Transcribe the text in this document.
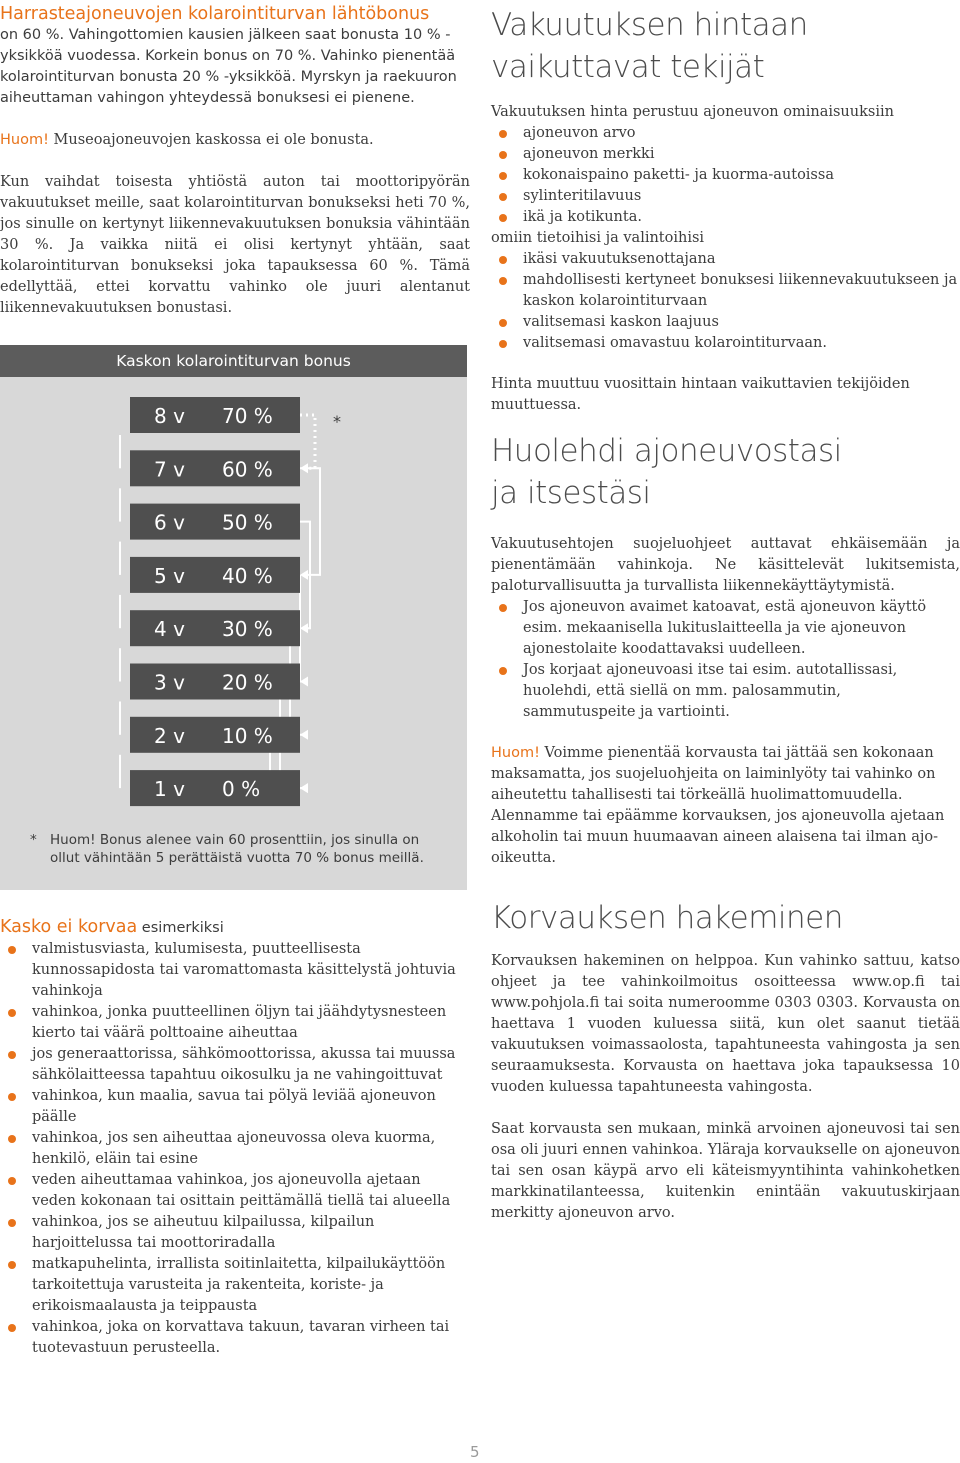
Harrasteajoneuvojen kolarointiturvan lähtöbonus

on 60 %. Vahingottomien kausien jälkeen saat bonusta 10 % -yksikköä vuodessa. Korkein bonus on 70 %. Vahinko pienentää kolarointiturvan bonusta 20 % -yksikköä. Myrskyn ja raekuuron aiheuttaman vahingon yhteydessä bonuksesi ei pienene.

Huom! Museoajoneuvojen kaskossa ei ole bonusta.

Kun vaihdat toisesta yhtiöstä auton tai moottoripyörän vakuutukset meille, saat kolarointiturvan bonukseksi heti 70 %, jos sinulle on kertynyt liikennevakuutuksen bonuksia vähintään 30 %. Ja vaikka niitä ei olisi kertynyt yhtään, saat kolarointiturvan bonukseksi joka tapauksessa 60 %. Tämä edellyttää, ettei korvattu vahinko ole juuri alentanut liikennevakuutuksen bonustasi.

Kaskon kolarointiturvan bonus
8 v 70 %
7 v 60 %
6 v 50 %
5 v 40 %
4 v 30 %
3 v 20 %
2 v 10 %
1 v 0 %
*
* Huom! Bonus alenee vain 60 prosenttiin, jos sinulla on ollut vähintään 5 perättäistä vuotta 70 % bonus meillä.
Kasko ei korvaa esimerkiksi
valmistusviasta, kulumisesta, puutteellisesta kunnossapidosta tai varomattomasta käsittelystä johtuvia vahinkoja
vahinkoa, jonka puutteellinen öljyn tai jäähdytysnesteen kierto tai väärä polttoaine aiheuttaa
jos generaattorissa, sähkömoottorissa, akussa tai muussa sähkölaitteessa tapahtuu oikosulku ja ne vahingoittuvat
vahinkoa, kun maalia, savua tai pölyä leviää ajoneuvon päälle
vahinkoa, jos sen aiheuttaa ajoneuvossa oleva kuorma, henkilö, eläin tai esine
veden aiheuttamaa vahinkoa, jos ajoneuvolla ajetaan veden kokonaan tai osittain peittämällä tiellä tai alueella
vahinkoa, jos se aiheutuu kilpailussa, kilpailun harjoittelussa tai moottoriradalla
matkapuhelinta, irrallista soitinlaitetta, kilpailukäyttöön tarkoitettuja varusteita ja rakenteita, koriste- ja erikoismaalausta ja teippausta
vahinkoa, joka on korvattava takuun, tavaran virheen tai tuotevastuun perusteella.
Vakuutuksen hintaan
vaikuttavat tekijät

Vakuutuksen hinta perustuu ajoneuvon ominaisuuksiin

ajoneuvon arvo
ajoneuvon merkki
kokonaispaino paketti- ja kuorma-autoissa
sylinteritilavuus
ikä ja kotikunta.

omiin tietoihisi ja valintoihisi

ikäsi vakuutuksenottajana
mahdollisesti kertyneet bonuksesi liikennevakuutukseen ja kaskon kolarointiturvaan
valitsemasi kaskon laajuus
valitsemasi omavastuu kolarointiturvaan.

Hinta muuttuu vuosittain hintaan vaikuttavien tekijöiden muuttuessa.

Huolehdi ajoneuvostasi
ja itsestäsi

Vakuutusehtojen suojeluohjeet auttavat ehkäisemään ja pienentämään vahinkoja. Ne käsittelevät lukitsemista, paloturvallisuutta ja turvallista liikennekäyttäytymistä.

Jos ajoneuvon avaimet katoavat, estä ajoneuvon käyttö esim. mekaanisella lukituslaitteella ja vie ajoneuvon ajonestolaite koodattavaksi uudelleen.
Jos korjaat ajoneuvoasi itse tai esim. autotallissasi, huolehdi, että siellä on mm. palosammutin, sammutuspeite ja vartiointi.

Huom! Voimme pienentää korvausta tai jättää sen kokonaan maksamatta, jos suojeluohjeita on laiminlyöty tai vahinko on aiheutettu tahallisesti tai törkeällä huolimattomuudella. Alennamme tai epäämme korvauksen, jos ajoneuvolla ajetaan alkoholin tai muun huumaavan aineen alaisena tai ilman ajo-oikeutta.

Korvauksen hakeminen

Korvauksen hakeminen on helppoa. Kun vahinko sattuu, katso ohjeet ja tee vahinkoilmoitus osoitteessa www.op.fi tai www.pohjola.fi tai soita numeroomme 0303 0303. Korvausta on haettava 1 vuoden kuluessa siitä, kun olet saanut tietää vakuutuksen voimassaolosta, tapahtuneesta vahingosta ja sen seuraamuksesta. Korvausta on haettava joka tapauksessa 10 vuoden kuluessa tapahtuneesta vahingosta.

Saat korvausta sen mukaan, minkä arvoinen ajoneuvosi tai sen osa oli juuri ennen vahinkoa. Yläraja korvaukselle on ajoneuvon tai sen osan käypä arvo eli käteismyyntihinta vahinkohetken markkinatilanteessa, kuitenkin enintään vakuutuskirjaan merkitty ajoneuvon arvo.

5
